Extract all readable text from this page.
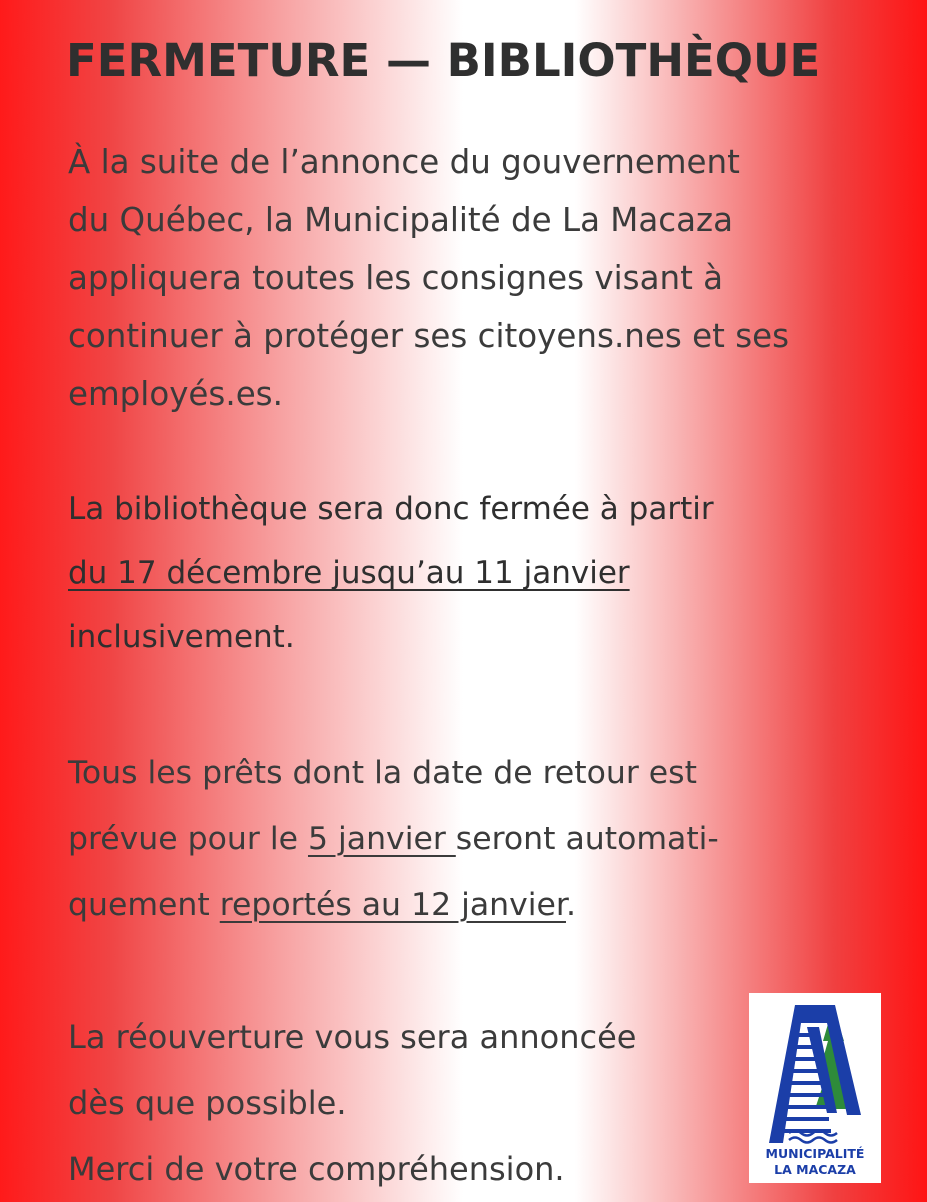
FERMETURE — BIBLIOTHÈQUE

À la suite de l’annonce du gouvernement
du Québec, la Municipalité de La Macaza
appliquera toutes les consignes visant à
continuer à protéger ses citoyens.nes et ses
employés.es.

La bibliothèque sera donc fermée à partir
du 17 décembre jusqu’au 11 janvier
inclusivement.

Tous les prêts dont la date de retour est
prévue pour le 5 janvier seront automati-
quement reportés au 12 janvier.

La réouverture vous sera annoncée
dès que possible.
Merci de votre compréhension.	MUNICIPALITÉ
LA MACAZA
